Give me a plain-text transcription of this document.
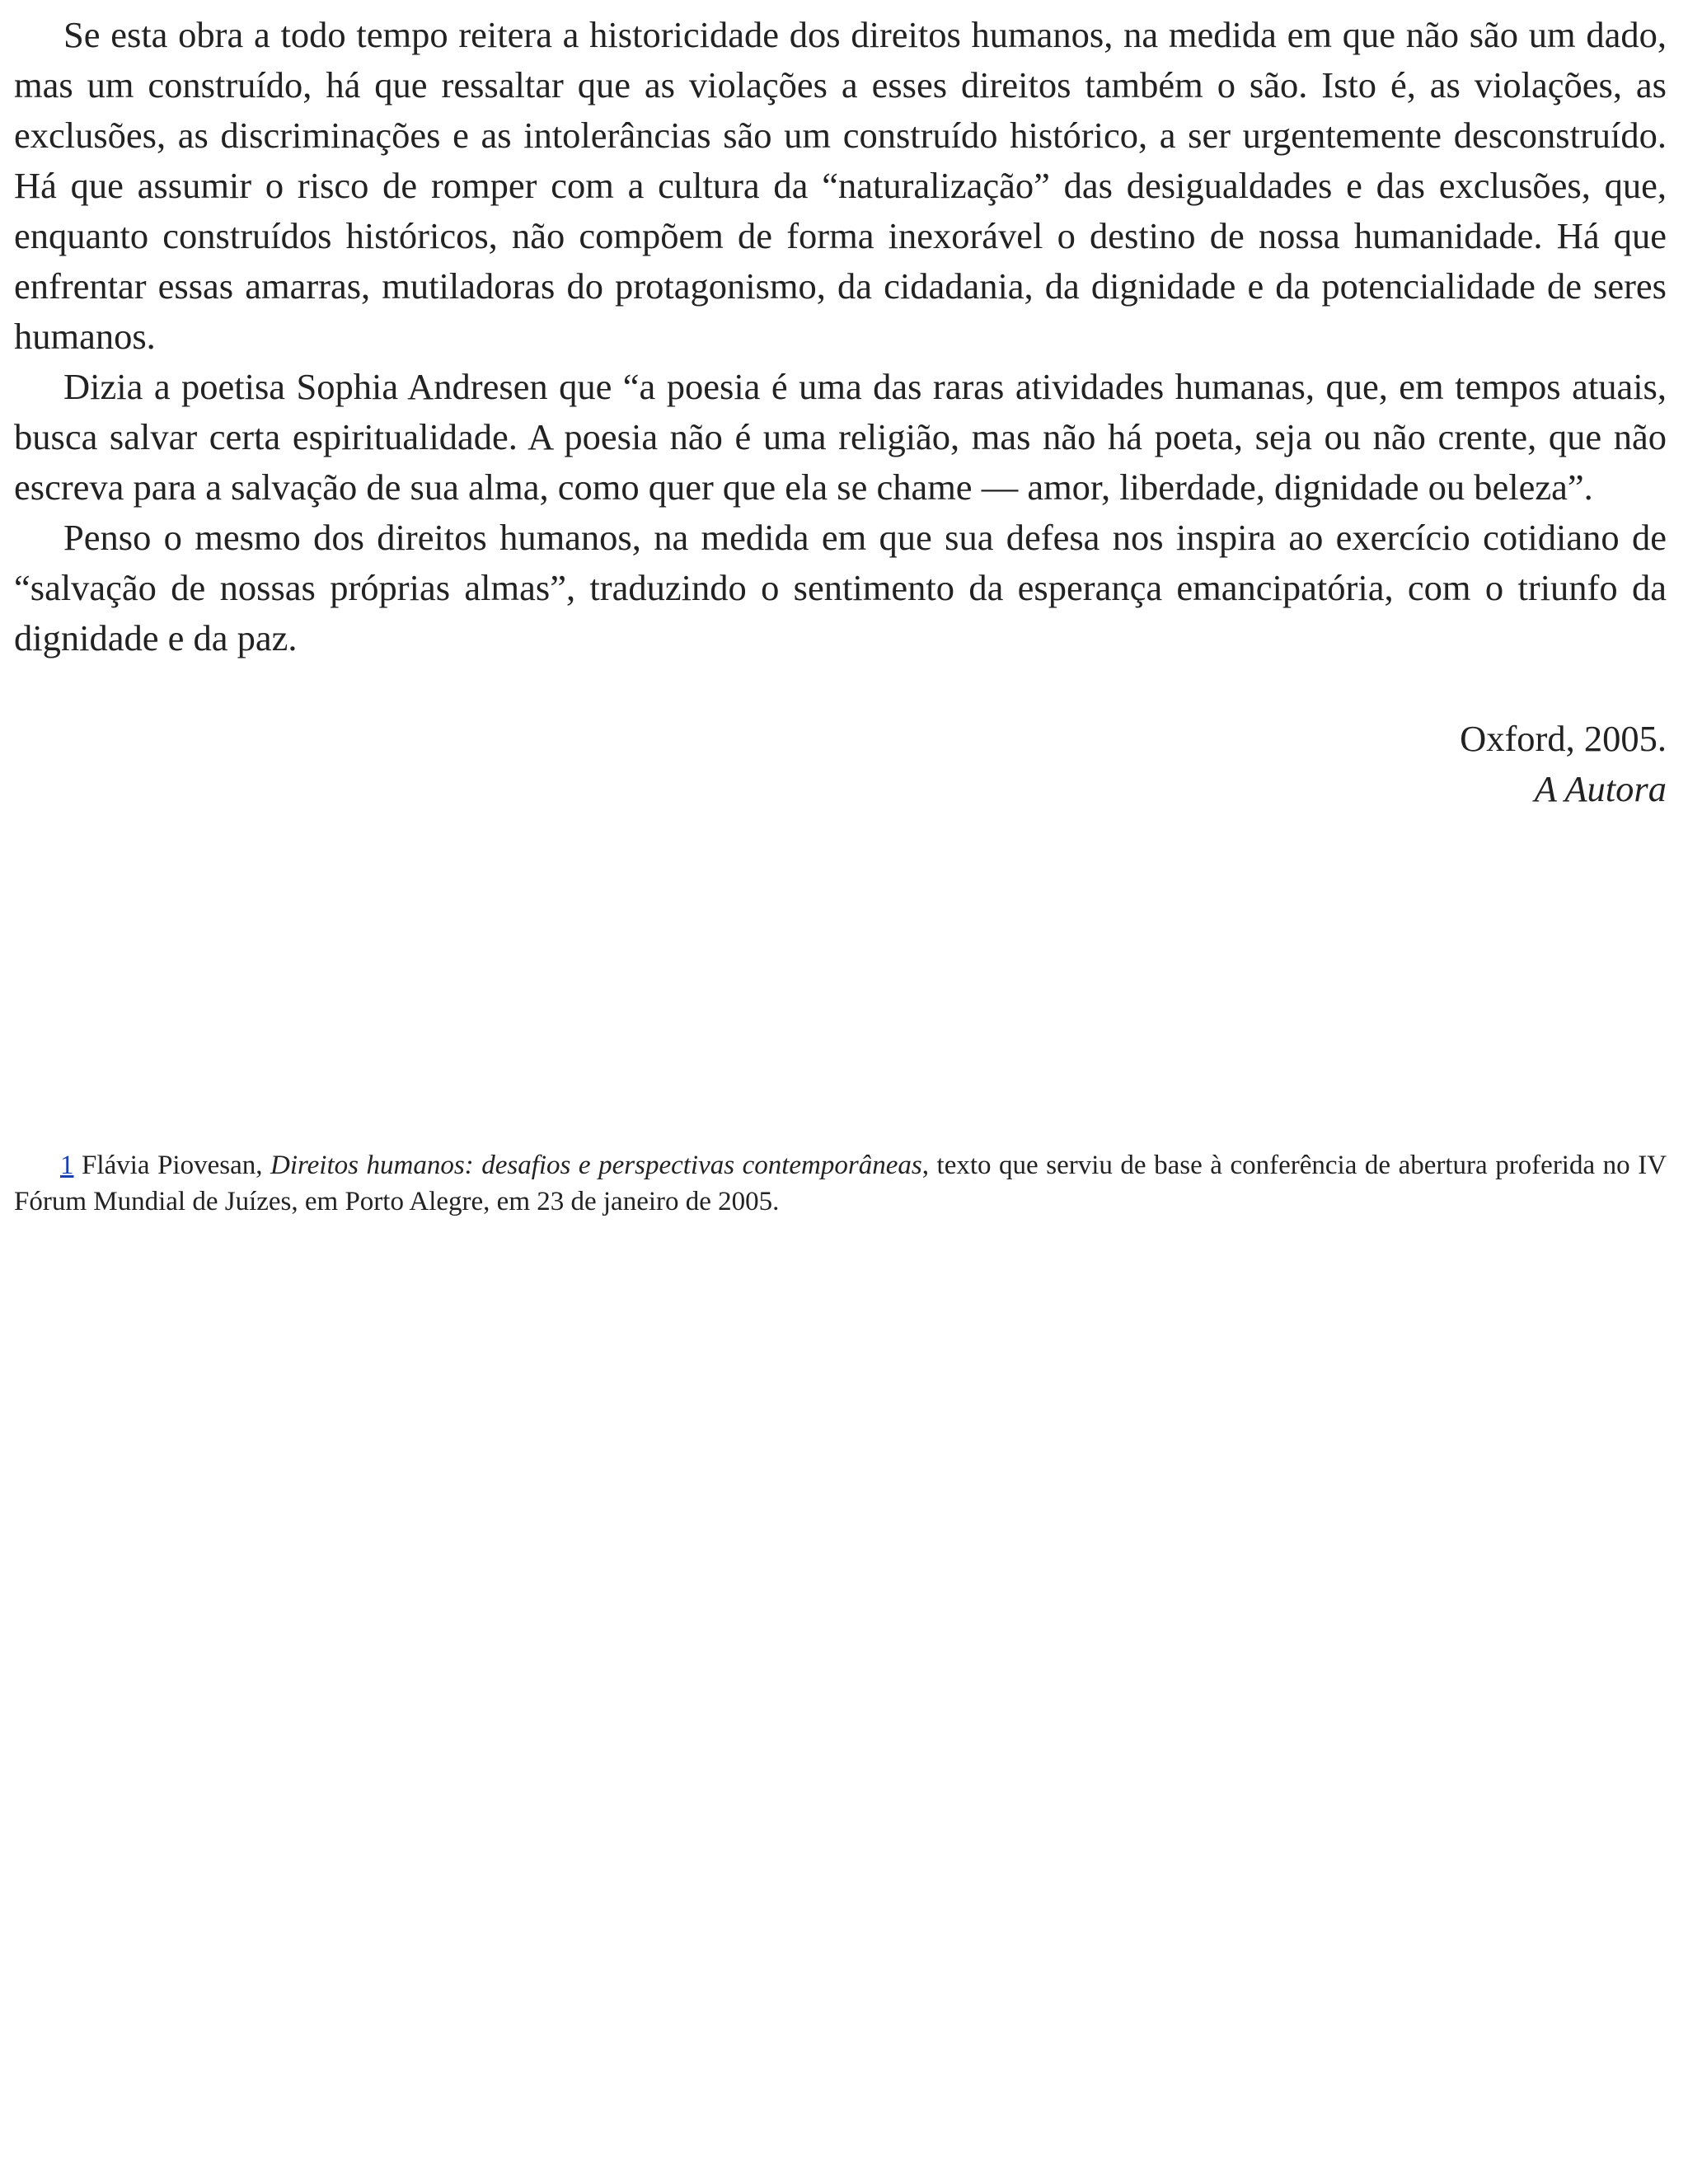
Se esta obra a todo tempo reitera a historicidade dos direitos humanos, na medida em que não são um dado, mas um construído, há que ressaltar que as violações a esses direitos também o são. Isto é, as violações, as exclusões, as discriminações e as intolerâncias são um construído histórico, a ser urgentemente desconstruído. Há que assumir o risco de romper com a cultura da “naturalização” das desigualdades e das exclusões, que, enquanto construídos históricos, não compõem de forma inexorável o destino de nossa humanidade. Há que enfrentar essas amarras, mutiladoras do protagonismo, da cidadania, da dignidade e da potencialidade de seres humanos.

Dizia a poetisa Sophia Andresen que “a poesia é uma das raras atividades humanas, que, em tempos atuais, busca salvar certa espiritualidade. A poesia não é uma religião, mas não há poeta, seja ou não crente, que não escreva para a salvação de sua alma, como quer que ela se chame — amor, liberdade, dignidade ou beleza”.

Penso o mesmo dos direitos humanos, na medida em que sua defesa nos inspira ao exercício cotidiano de “salvação de nossas próprias almas”, traduzindo o sentimento da esperança emancipatória, com o triunfo da dignidade e da paz.

Oxford, 2005.
A Autora

1 Flávia Piovesan, Direitos humanos: desafios e perspectivas contemporâneas, texto que serviu de base à conferência de abertura proferida no IV Fórum Mundial de Juízes, em Porto Alegre, em 23 de janeiro de 2005.
